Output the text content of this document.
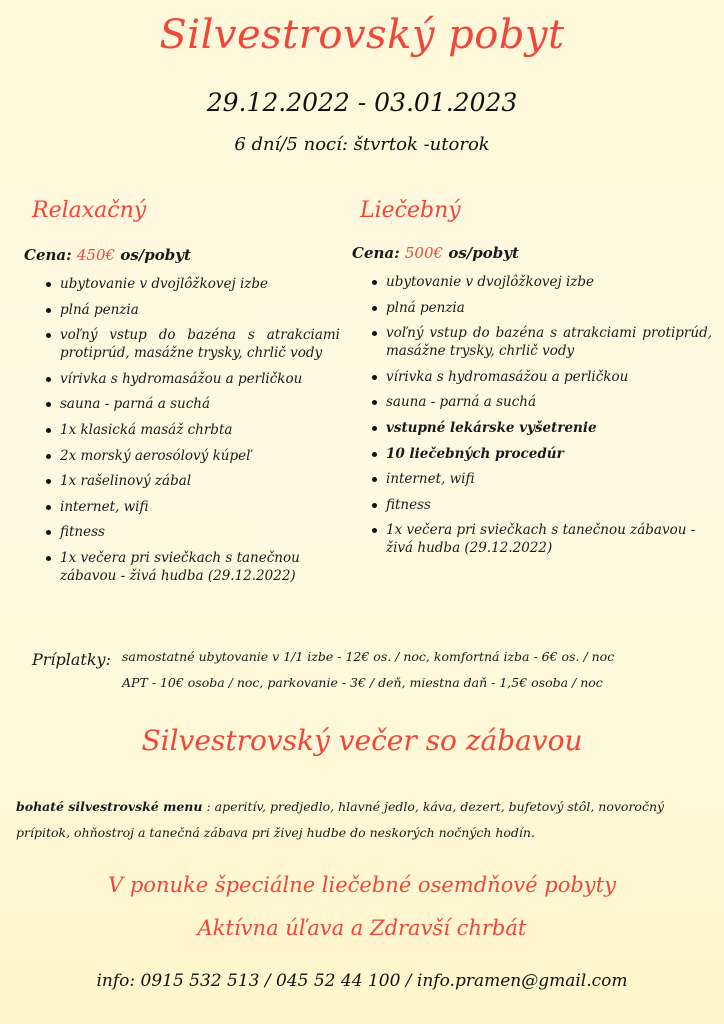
Silvestrovský pobyt
29.12.2022 - 03.01.2023
6 dní/5 nocí: štvrtok -utorok
Relaxačný
Cena: 450€ os/pobyt
ubytovanie v dvojlôžkovej izbe
plná penzia
voľný vstup do bazéna s atrakciami protiprúd, masážne trysky, chrlič vody
vírivka s hydromasážou a perličkou
sauna - parná a suchá
1x klasická masáž chrbta
2x morský aerosólový kúpeľ
1x rašelinový zábal
internet, wifi
fitness
1x večera pri sviečkach s tanečnou zábavou - živá hudba (29.12.2022)
Liečebný
Cena: 500€ os/pobyt
ubytovanie v dvojlôžkovej izbe
plná penzia
voľný vstup do bazéna s atrakciami protiprúd, masážne trysky, chrlič vody
vírivka s hydromasážou a perličkou
sauna - parná a suchá
vstupné lekárske vyšetrenie
10 liečebných procedúr
internet, wifi
fitness
1x večera pri sviečkach s tanečnou zábavou - živá hudba (29.12.2022)
Príplatky: samostatné ubytovanie v 1/1 izbe - 12€ os. / noc, komfortná izba - 6€ os. / noc
APT - 10€ osoba / noc, parkovanie - 3€ / deň, miestna daň - 1,5€ osoba / noc
Silvestrovský večer so zábavou
bohaté silvestrovské menu : aperitív, predjedlo, hlavné jedlo, káva, dezert, bufetový stôl, novoročný prípitok, ohňostroj a tanečná zábava pri živej hudbe do neskorých nočných hodín.
V ponuke špeciálne liečebné osemdňové pobyty
Aktívna úľava a Zdravší chrbát
info: 0915 532 513 / 045 52 44 100 / info.pramen@gmail.com
